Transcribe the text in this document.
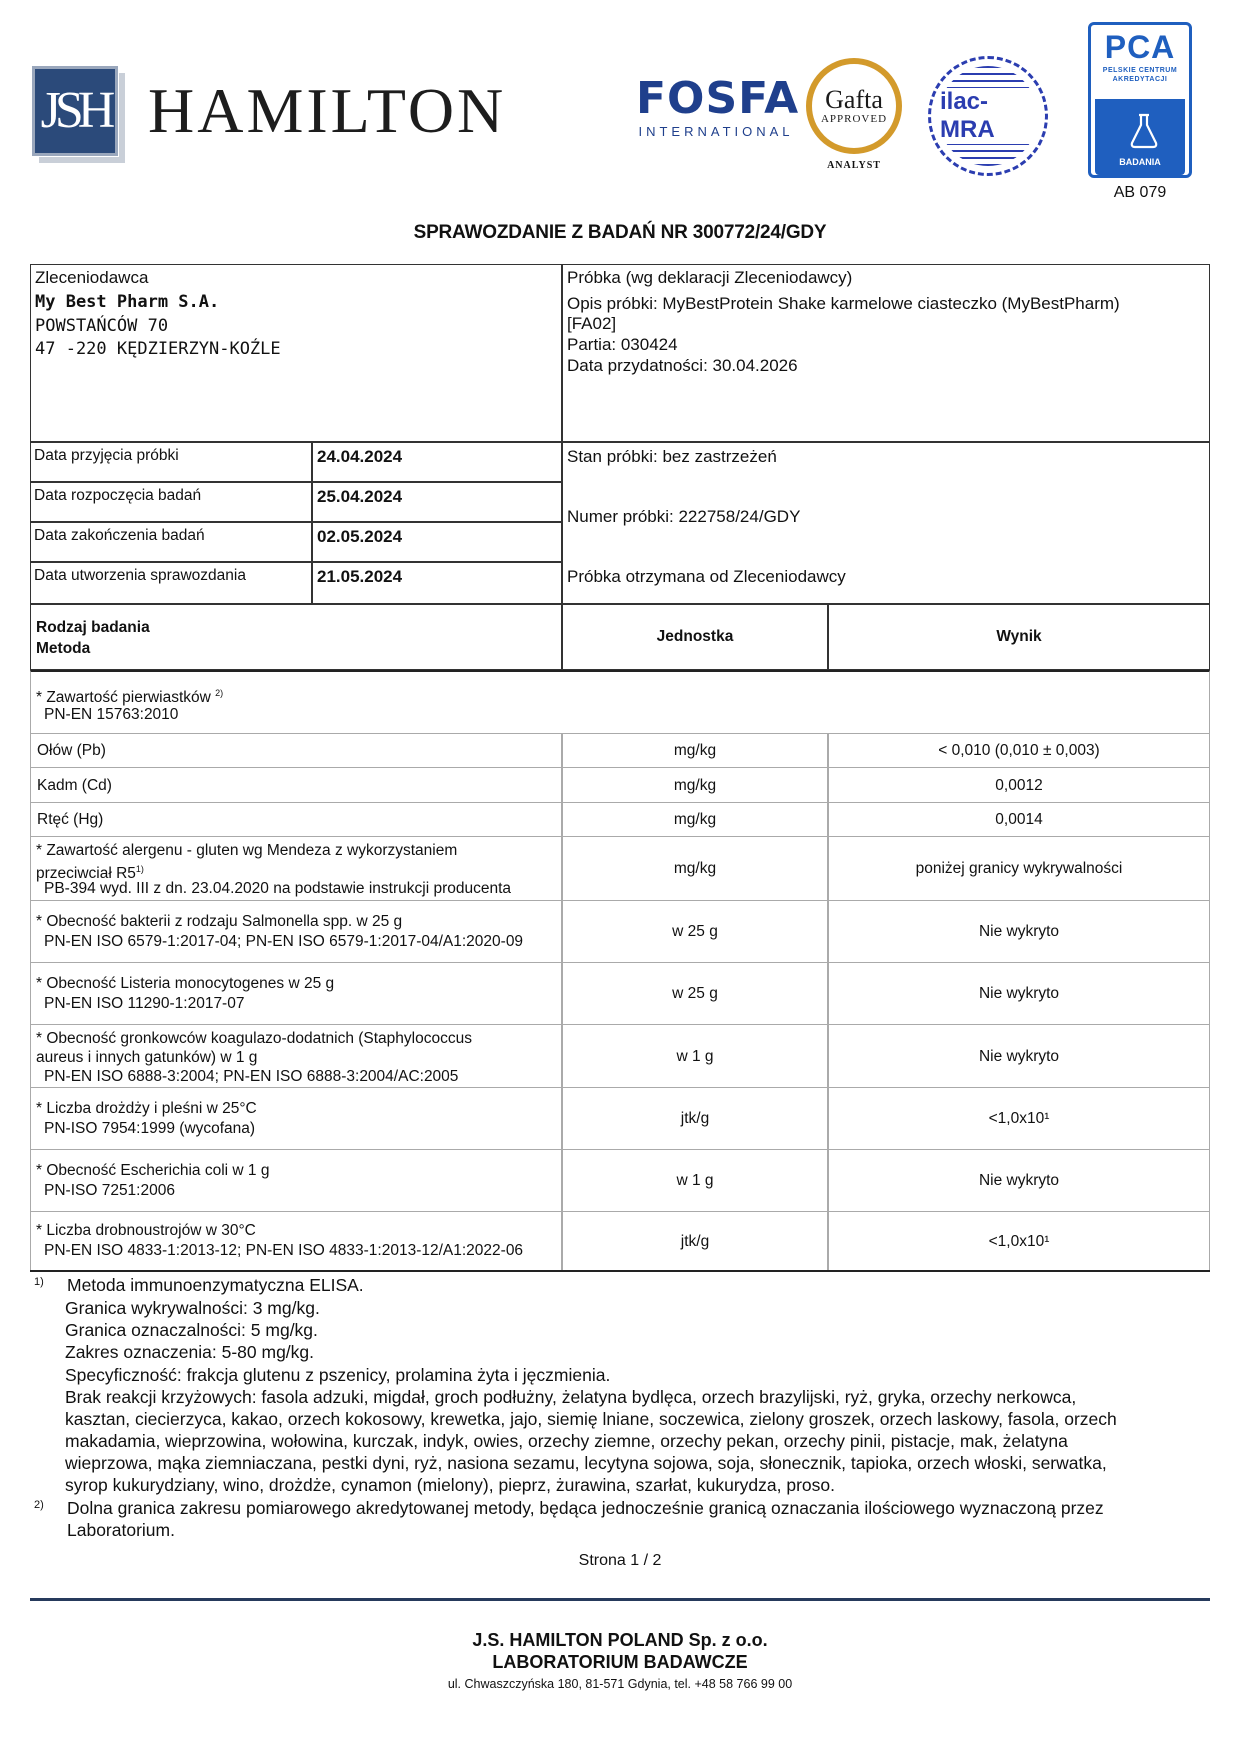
JSH HAMILTON	FOSFA
INTERNATIONAL
Gafta
APPROVED
ANALYST
ilac-MRA
PCA
PELSKIE CENTRUM
AKREDYTACJI
BADANIA
AB 079
SPRAWOZDANIE Z BADAŃ NR 300772/24/GDY
Zleceniodawca
My Best Pharm S.A.
POWSTAŃCÓW 70
47 -220 KĘDZIERZYN-KOŹLE
Próbka (wg deklaracji Zleceniodawcy)
Opis próbki: MyBestProtein Shake karmelowe ciasteczko (MyBestPharm)
[FA02]
Partia: 030424
Data przydatności: 30.04.2026
Data przyjęcia próbki	24.04.2024
Data rozpoczęcia badań	25.04.2024
Data zakończenia badań	02.05.2024
Data utworzenia sprawozdania	21.05.2024
Stan próbki: bez zastrzeżeń
Numer próbki: 222758/24/GDY
Próbka otrzymana od Zleceniodawcy
Rodzaj badania
Metoda
Jednostka	Wynik
* Zawartość pierwiastków $^{2)}$
PN-EN 15763:2010
Ołów (Pb)	mg/kg	< 0,010 (0,010 ± 0,003)
Kadm (Cd)	mg/kg	0,0012
Rtęć (Hg)	mg/kg	0,0014
* Zawartość alergenu - gluten wg Mendeza z wykorzystaniem
przeciwciał R5$^{1)}$
PB-394 wyd. III z dn. 23.04.2020 na podstawie instrukcji producenta
mg/kg	poniżej granicy wykrywalności
* Obecność bakterii z rodzaju Salmonella spp. w 25 g
PN-EN ISO 6579-1:2017-04; PN-EN ISO 6579-1:2017-04/A1:2020-09
w 25 g	Nie wykryto
* Obecność Listeria monocytogenes w 25 g
PN-EN ISO 11290-1:2017-07
w 25 g	Nie wykryto
* Obecność gronkowców koagulazo-dodatnich (Staphylococcus
aureus i innych gatunków) w 1 g
PN-EN ISO 6888-3:2004; PN-EN ISO 6888-3:2004/AC:2005
w 1 g	Nie wykryto
* Liczba drożdży i pleśni w 25°C
PN-ISO 7954:1999 (wycofana)
jtk/g	<1,0x10¹
* Obecność Escherichia coli w 1 g
PN-ISO 7251:2006
w 1 g	Nie wykryto
* Liczba drobnoustrojów w 30°C
PN-EN ISO 4833-1:2013-12; PN-EN ISO 4833-1:2013-12/A1:2022-06
jtk/g	<1,0x10¹
1) Metoda immunoenzymatyczna ELISA.
Granica wykrywalności: 3 mg/kg.
Granica oznaczalności: 5 mg/kg.
Zakres oznaczenia: 5-80 mg/kg.
Specyficzność: frakcja glutenu z pszenicy, prolamina żyta i jęczmienia.
Brak reakcji krzyżowych: fasola adzuki, migdał, groch podłużny, żelatyna bydlęca, orzech brazylijski, ryż, gryka, orzechy nerkowca,
kasztan, ciecierzyca, kakao, orzech kokosowy, krewetka, jajo, siemię lniane, soczewica, zielony groszek, orzech laskowy, fasola, orzech
makadamia, wieprzowina, wołowina, kurczak, indyk, owies, orzechy ziemne, orzechy pekan, orzechy pinii, pistacje, mak, żelatyna
wieprzowa, mąka ziemniaczana, pestki dyni, ryż, nasiona sezamu, lecytyna sojowa, soja, słonecznik, tapioka, orzech włoski, serwatka,
syrop kukurydziany, wino, drożdże, cynamon (mielony), pieprz, żurawina, szarłat, kukurydza, proso.
2) Dolna granica zakresu pomiarowego akredytowanej metody, będąca jednocześnie granicą oznaczania ilościowego wyznaczoną przez
Laboratorium.
Strona 1 / 2
J.S. HAMILTON POLAND Sp. z o.o.
LABORATORIUM BADAWCZE
ul. Chwaszczyńska 180, 81-571 Gdynia, tel. +48 58 766 99 00
